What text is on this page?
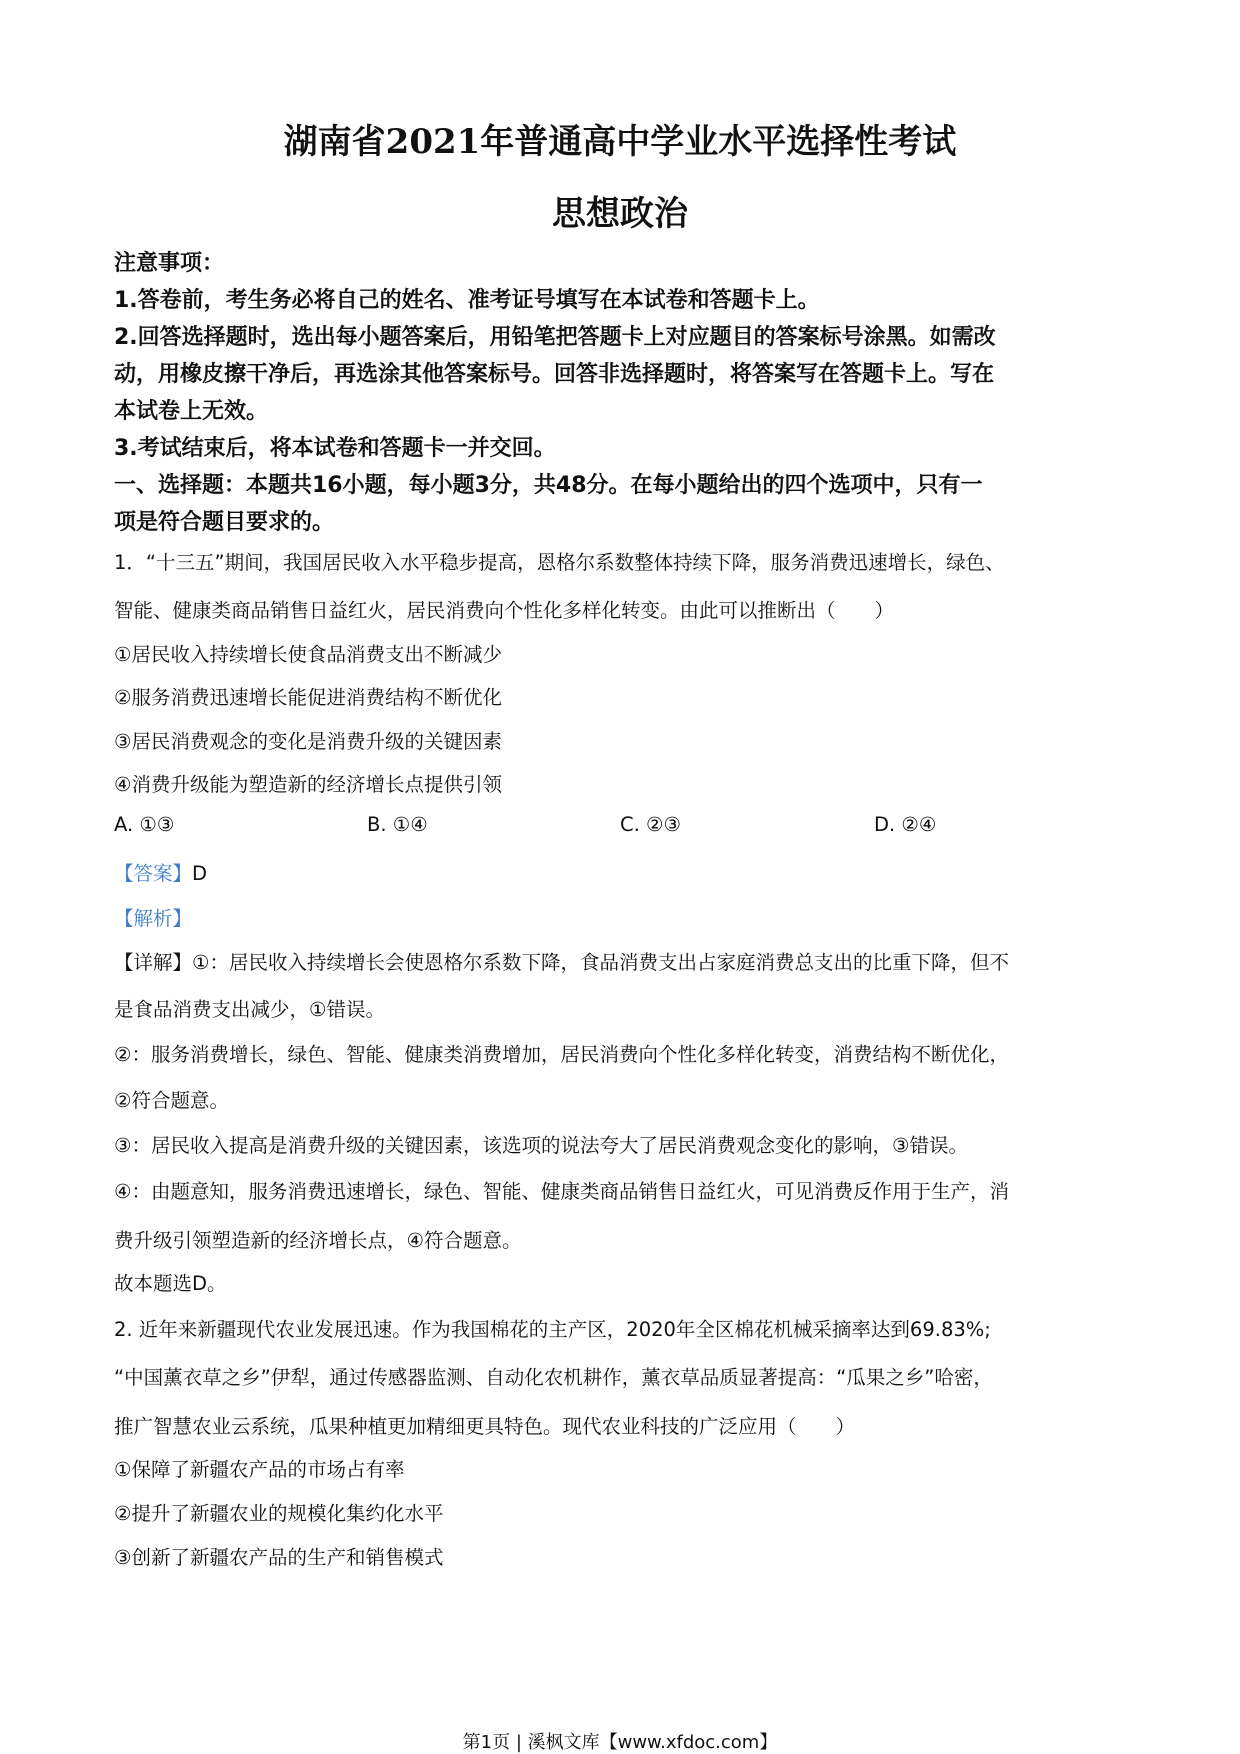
湖南省2021年普通高中学业水平选择性考试
思想政治
注意事项：
1.答卷前，考生务必将自己的姓名、准考证号填写在本试卷和答题卡上。
2.回答选择题时，选出每小题答案后，用铅笔把答题卡上对应题目的答案标号涂黑。如需改
动，用橡皮擦干净后，再选涂其他答案标号。回答非选择题时，将答案写在答题卡上。写在
本试卷上无效。
3.考试结束后，将本试卷和答题卡一并交回。
一、选择题：本题共16小题，每小题3分，共48分。在每小题给出的四个选项中，只有一
项是符合题目要求的。
1．“十三五”期间，我国居民收入水平稳步提高，恩格尔系数整体持续下降，服务消费迅速增长，绿色、
智能、健康类商品销售日益红火，居民消费向个性化多样化转变。由此可以推断出（　　）
①居民收入持续增长使食品消费支出不断减少
②服务消费迅速增长能促进消费结构不断优化
③居民消费观念的变化是消费升级的关键因素
④消费升级能为塑造新的经济增长点提供引领
A. ①③	B. ①④	C. ②③	D. ②④
【答案】D
【解析】
【详解】①：居民收入持续增长会使恩格尔系数下降，食品消费支出占家庭消费总支出的比重下降，但不
是食品消费支出减少，①错误。
②：服务消费增长，绿色、智能、健康类消费增加，居民消费向个性化多样化转变，消费结构不断优化，
②符合题意。
③：居民收入提高是消费升级的关键因素，该选项的说法夸大了居民消费观念变化的影响，③错误。
④：由题意知，服务消费迅速增长，绿色、智能、健康类商品销售日益红火，可见消费反作用于生产，消
费升级引领塑造新的经济增长点，④符合题意。
故本题选D。
2. 近年来新疆现代农业发展迅速。作为我国棉花的主产区，2020年全区棉花机械采摘率达到69.83%;
“中国薰衣草之乡”伊犁，通过传感器监测、自动化农机耕作，薰衣草品质显著提高：“瓜果之乡”哈密，
推广智慧农业云系统，瓜果种植更加精细更具特色。现代农业科技的广泛应用（　　）
①保障了新疆农产品的市场占有率
②提升了新疆农业的规模化集约化水平
③创新了新疆农产品的生产和销售模式
第1页 | 溪枫文库【www.xfdoc.com】
